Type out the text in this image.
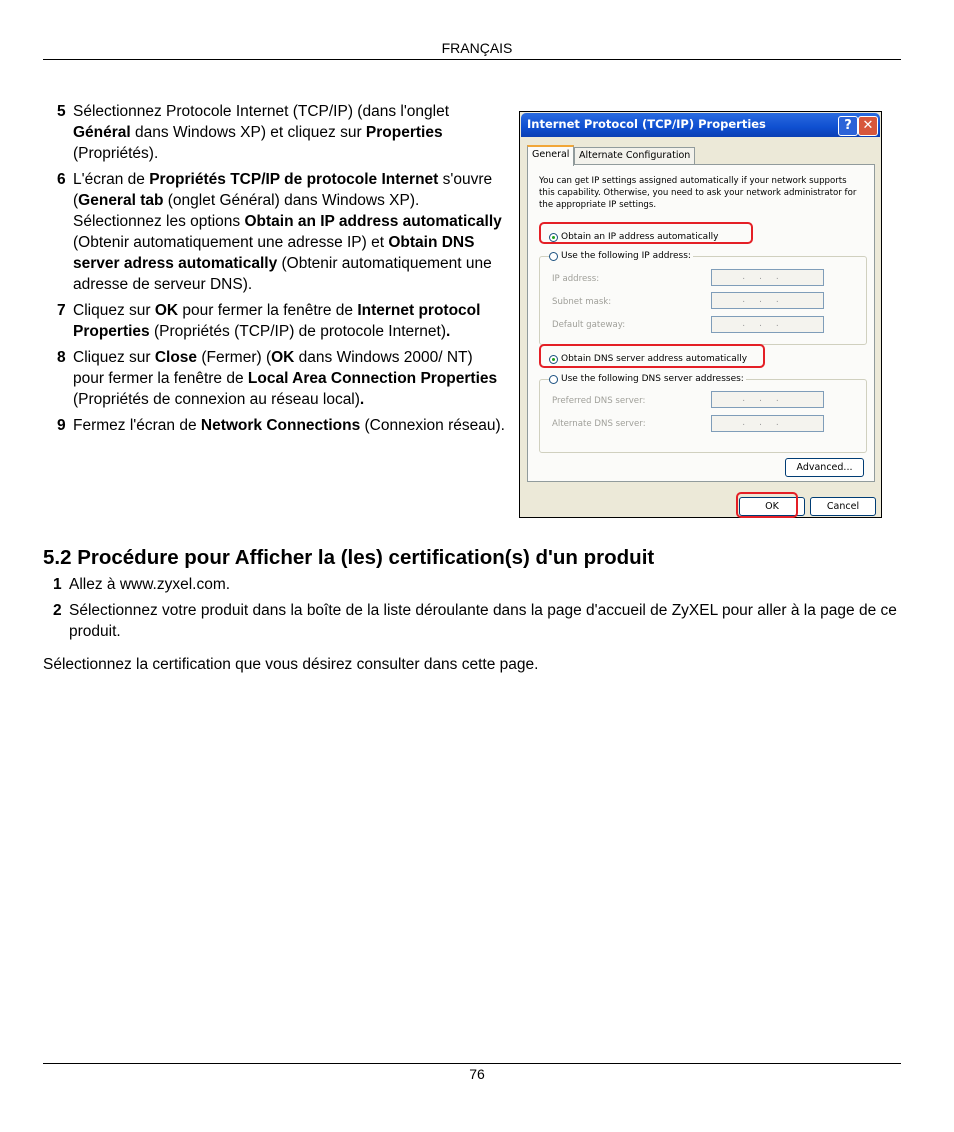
FRANÇAIS
5 Sélectionnez Protocole Internet (TCP/IP) (dans l'onglet Général dans Windows XP) et cliquez sur Properties (Propriétés).
6 L'écran de Propriétés TCP/IP de protocole Internet s'ouvre (General tab (onglet Général) dans Windows XP). Sélectionnez les options Obtain an IP address automatically (Obtenir automatiquement une adresse IP) et Obtain DNS server adress automatically (Obtenir automatiquement une adresse de serveur DNS).
7 Cliquez sur OK pour fermer la fenêtre de Internet protocol Properties (Propriétés (TCP/IP) de protocole Internet).
8 Cliquez sur Close (Fermer) (OK dans Windows 2000/ NT) pour fermer la fenêtre de Local Area Connection Properties (Propriétés de connexion au réseau local).
9 Fermez l'écran de Network Connections (Connexion réseau).
Internet Protocol (TCP/IP) Properties	? ✕
General	Alternate Configuration
You can get IP settings assigned automatically if your network supports this capability. Otherwise, you need to ask your network administrator for the appropriate IP settings.
Obtain an IP address automatically
Use the following IP address:
IP address:	...
Subnet mask:	...
Default gateway:	...
Obtain DNS server address automatically
Use the following DNS server addresses:
Preferred DNS server:	...
Alternate DNS server:	...
Advanced...
OK	Cancel
5.2 Procédure pour Afficher la (les) certification(s) d'un produit
1 Allez à www.zyxel.com.
2 Sélectionnez votre produit dans la boîte de la liste déroulante dans la page d'accueil de ZyXEL pour aller à la page de ce produit.
Sélectionnez la certification que vous désirez consulter dans cette page.
76
